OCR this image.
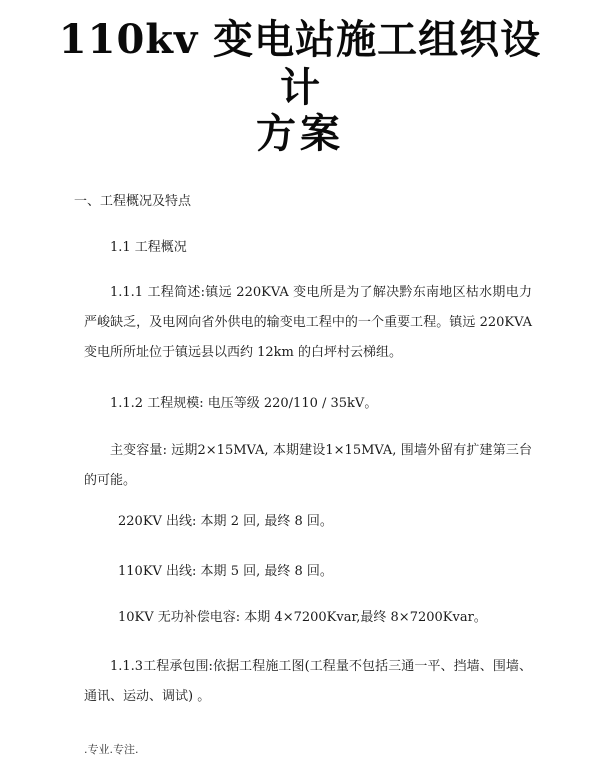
110kv 变电站施工组织设
计
方案
一、工程概况及特点
1.1 工程概况
1.1.1 工程简述:镇远 220KVA 变电所是为了解决黔东南地区枯水期电力严峻缺乏，及电网向省外供电的输变电工程中的一个重要工程。镇远 220KVA 变电所所址位于镇远县以西约 12km 的白坪村云梯组。
1.1.2 工程规模: 电压等级 220/110 / 35kV。
主变容量: 远期2×15MVA, 本期建设1×15MVA, 围墙外留有扩建第三台的可能。
220KV 出线: 本期 2 回, 最终 8 回。
110KV 出线: 本期 5 回, 最终 8 回。
10KV 无功补偿电容: 本期 4×7200Kvar,最终 8×7200Kvar。
1.1.3工程承包围:依据工程施工图(工程量不包括三通一平、挡墙、围墙、通讯、运动、调试) 。
.专业.专注.
